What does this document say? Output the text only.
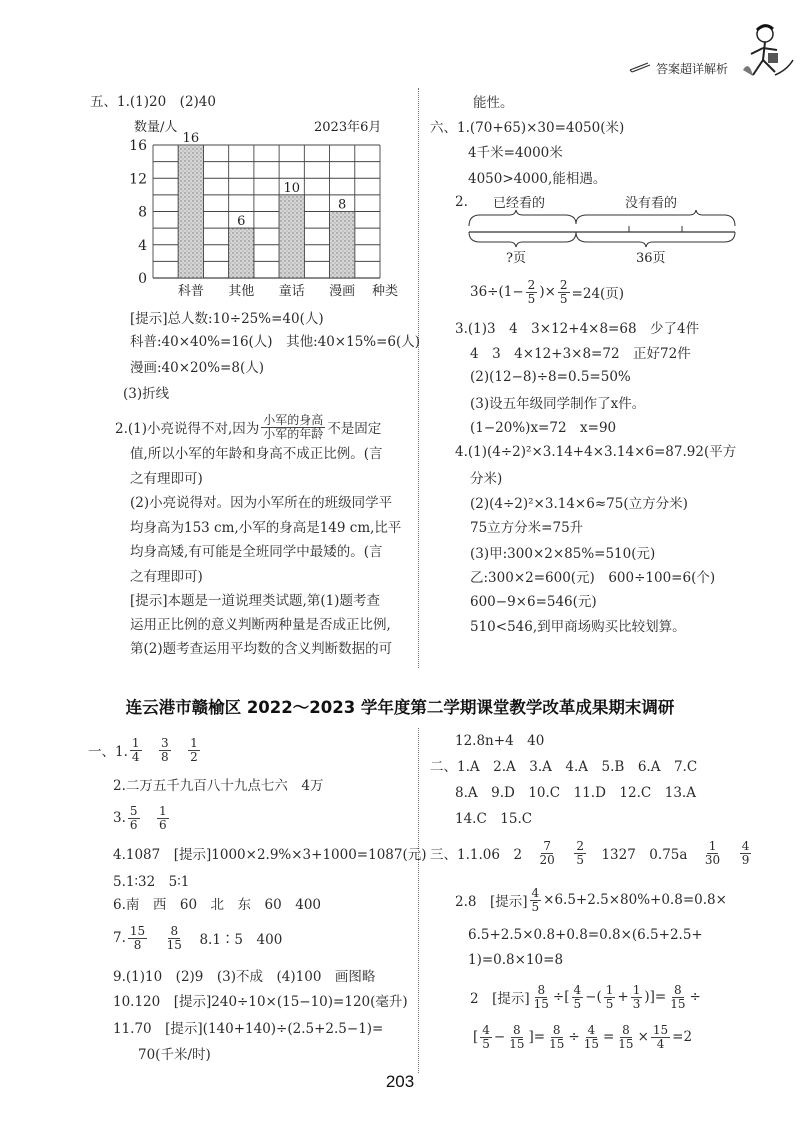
答案超详解析
0
4
8
12
16	16
科普
6
其他
10
童话
8
漫画
数量/人	2023年6月
种类
已经看的	没有看的
?页	36页
连云港市赣榆区 2022～2023 学年度第二学期课堂教学改革成果期末调研
203
五、1.(1)20　(2)40
[提示]总人数:10÷25%=40(人)
科普:40×40%=16(人)　其他:40×15%=6(人)
漫画:40×20%=8(人)
(3)折线
2.(1)小亮说得不对,因为 $\frac{\text{小军的身高}}{\text{小军的年龄}}$ 不是固定
值,所以小军的年龄和身高不成正比例。(言
之有理即可)
(2)小亮说得对。因为小军所在的班级同学平
均身高为153 cm,小军的身高是149 cm,比平
均身高矮,有可能是全班同学中最矮的。(言
之有理即可)
[提示]本题是一道说理类试题,第(1)题考查
运用正比例的意义判断两种量是否成正比例,
第(2)题考查运用平均数的含义判断数据的可
能性。
六、1.(70+65)×30=4050(米)
4千米=4000米
4050>4000,能相遇。
2.
$36\div(1- \frac{2}{5}$ )× $\frac{2}{5} =24$(页)
3.(1)3　4　3×12+4×8=68　少了4件
4　3　4×12+3×8=72　正好72件
(2)(12−8)÷8=0.5=50%
(3)设五年级同学制作了x件。
(1−20%)x=72　x=90
4.(1)(4÷2)²×3.14+4×3.14×6=87.92(平方
分米)
(2)(4÷2)²×3.14×6≈75(立方分米)
75立方分米=75升
(3)甲:300×2×85%=510(元)
乙:300×2=600(元)　600÷100=6(个)
600−9×6=546(元)
510<546,到甲商场购买比较划算。
一、1. $\frac{1}{4}$
　 $\frac{3}{8}$
　 $\frac{1}{2}$
2.二万五千九百八十九点七六　4万
3. $\frac{5}{6}$
　 $\frac{1}{6}$
4.1087　[提示]1000×2.9%×3+1000=1087(元)
5.1∶32　5∶1
6.南　西　60　北　东　60　400
7. $\frac{15}{8}$
　 $\frac{8}{15}$ 　8.1∶5　400
9.(1)10　(2)9　(3)不成　(4)100　画图略
10.120　[提示]240÷10×(15−10)=120(毫升)
11.70　[提示](140+140)÷(2.5+2.5−1)=
70(千米/时)
12.8n+4　40
二、1.A　2.A　3.A　4.A　5.B　6.A　7.C
8.A　9.D　10.C　11.D　12.C　13.A
14.C　15.C
三、1.1.06　2　 $\frac{7}{20}$
　 $\frac{2}{5}$ 　1327　0.75a　 $\frac{1}{30}$
　 $\frac{4}{9}$
2.8　[提示] $\frac{4}{5} \times 6.5+2.5\times 80\%+0.8=0.8\times$
6.5+2.5×0.8+0.8=0.8×(6.5+2.5+
1)=0.8×10=8
2　[提示] $\frac{8}{15}$ ÷[ $\frac{4}{5}$ −( $\frac{1}{5} + \frac{1}{3}$ )]= $\frac{8}{15}$ ÷
[ $\frac{4}{5} - \frac{8}{15}$ ]= $\frac{8}{15} \div \frac{4}{15} = \frac{8}{15} \times \frac{15}{4} =2$
